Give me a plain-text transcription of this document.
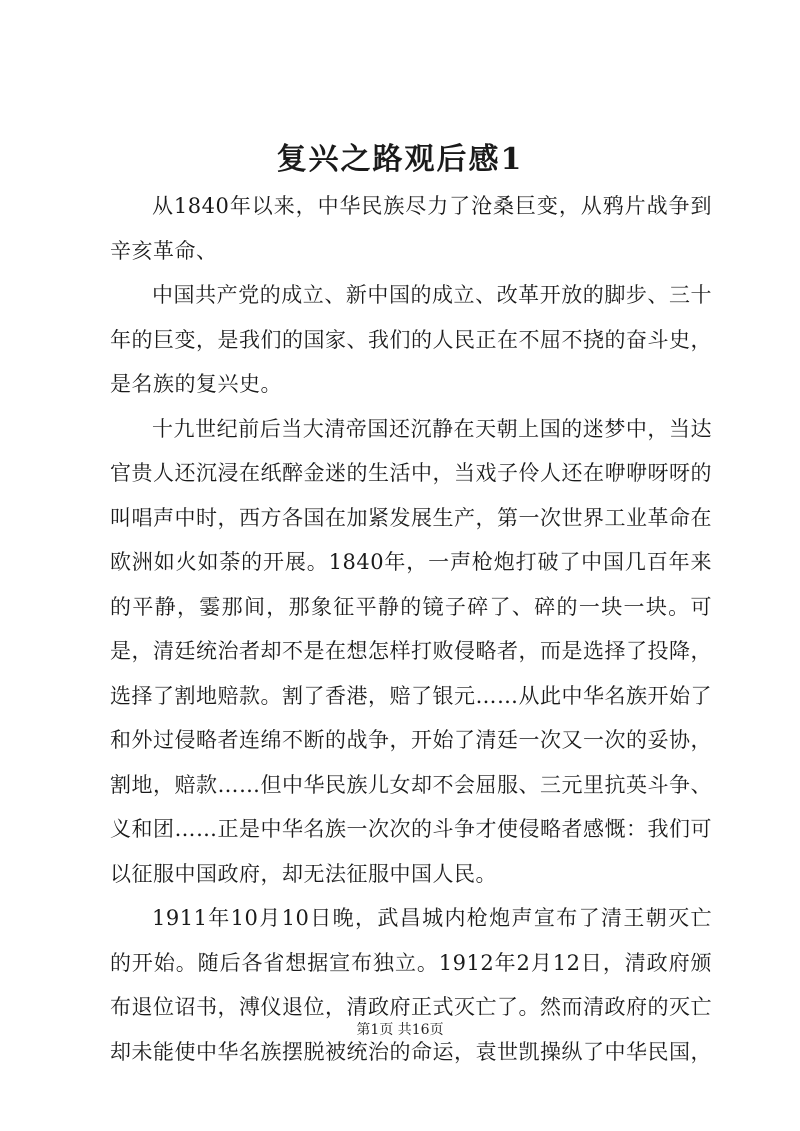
复兴之路观后感1

从1840年以来，中华民族尽力了沧桑巨变，从鸦片战争到辛亥革命、

中国共产党的成立、新中国的成立、改革开放的脚步、三十年的巨变，是我们的国家、我们的人民正在不屈不挠的奋斗史，是名族的复兴史。

十九世纪前后当大清帝国还沉静在天朝上国的迷梦中，当达官贵人还沉浸在纸醉金迷的生活中，当戏子伶人还在咿咿呀呀的叫唱声中时，西方各国在加紧发展生产，第一次世界工业革命在欧洲如火如荼的开展。1840年，一声枪炮打破了中国几百年来的平静，霎那间，那象征平静的镜子碎了、碎的一块一块。可是，清廷统治者却不是在想怎样打败侵略者，而是选择了投降，选择了割地赔款。割了香港，赔了银元……从此中华名族开始了和外过侵略者连绵不断的战争，开始了清廷一次又一次的妥协，割地，赔款……但中华民族儿女却不会屈服、三元里抗英斗争、义和团……正是中华名族一次次的斗争才使侵略者感慨：我们可以征服中国政府，却无法征服中国人民。

1911年10月10日晚，武昌城内枪炮声宣布了清王朝灭亡的开始。随后各省想据宣布独立。1912年2月12日，清政府颁布退位诏书，溥仪退位，清政府正式灭亡了。然而清政府的灭亡却未能使中华名族摆脱被统治的命运，袁世凯操纵了中华民国，

第1页 共16页
